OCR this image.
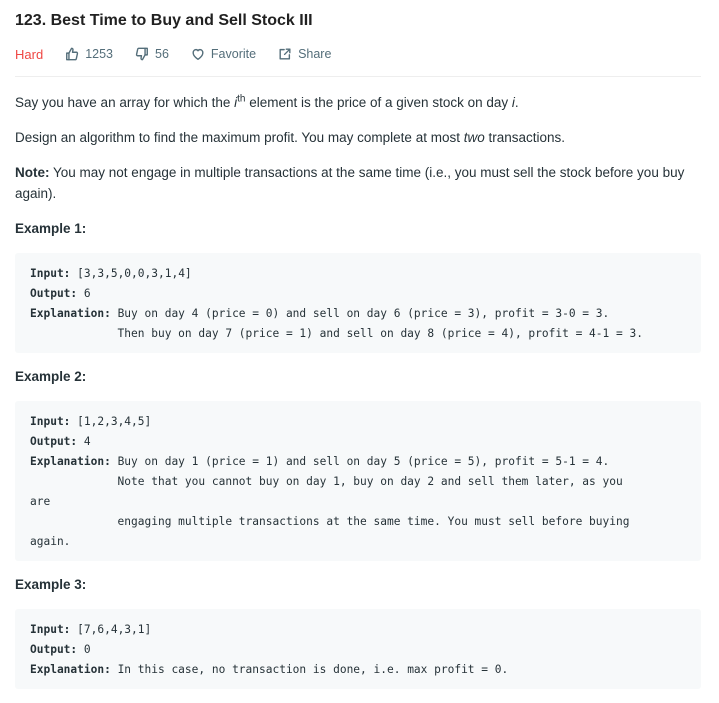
123. Best Time to Buy and Sell Stock III
Hard	1253	56	Favorite	Share
Say you have an array for which the $i^{th}$ element is the price of a given stock on day i.
Design an algorithm to find the maximum profit. You may complete at most two transactions.
Note: You may not engage in multiple transactions at the same time (i.e., you must sell the stock before you buy again).
Example 1:
Input: [3,3,5,0,0,3,1,4]
Output: 6
Explanation: Buy on day 4 (price = 0) and sell on day 6 (price = 3), profit = 3-0 = 3.
Then buy on day 7 (price = 1) and sell on day 8 (price = 4), profit = 4-1 = 3.
Example 2:
Input: [1,2,3,4,5]
Output: 4
Explanation: Buy on day 1 (price = 1) and sell on day 5 (price = 5), profit = 5-1 = 4.
Note that you cannot buy on day 1, buy on day 2 and sell them later, as you
are
engaging multiple transactions at the same time. You must sell before buying
again.
Example 3:
Input: [7,6,4,3,1]
Output: 0
Explanation: In this case, no transaction is done, i.e. max profit = 0.
